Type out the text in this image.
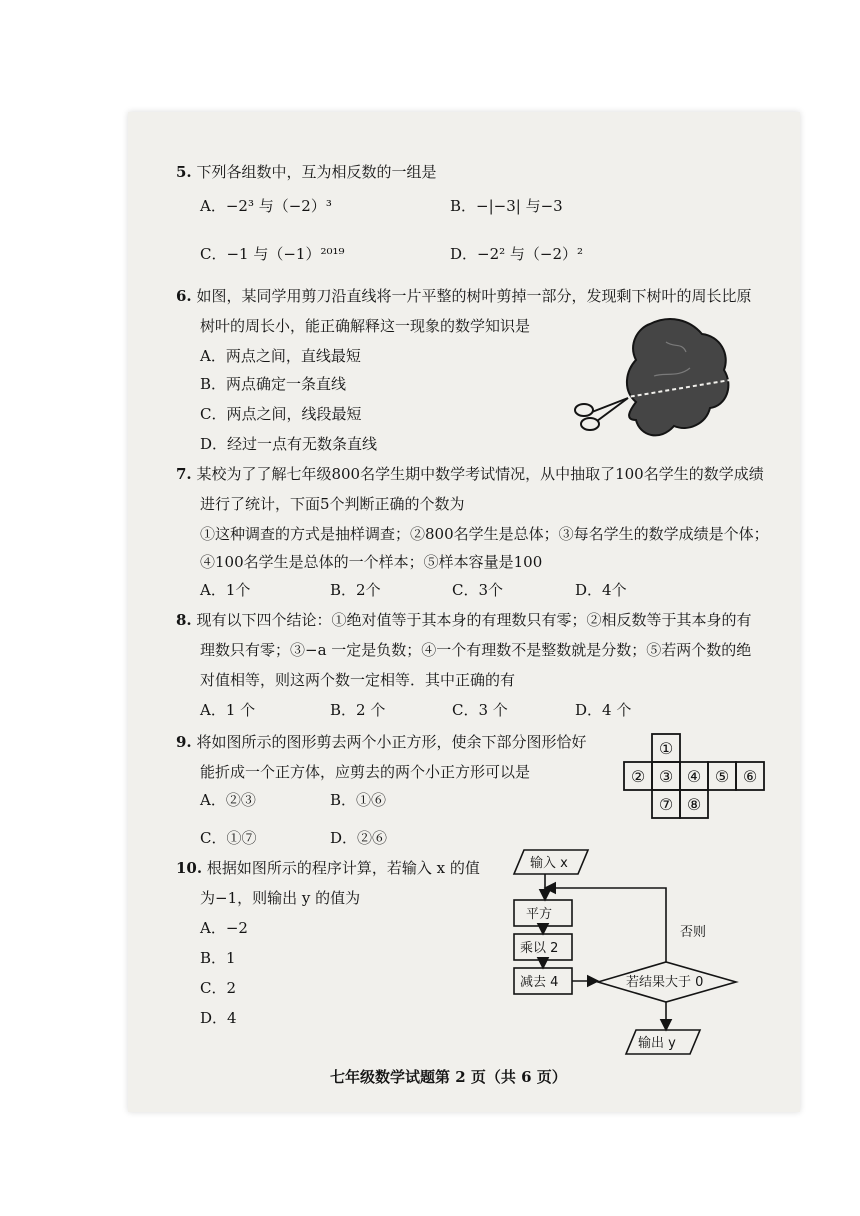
5. 下列各组数中，互为相反数的一组是
A．−2³ 与（−2）³	B．−|−3| 与−3
C．−1 与（−1）²⁰¹⁹	D．−2² 与（−2）²
6. 如图，某同学用剪刀沿直线将一片平整的树叶剪掉一部分，发现剩下树叶的周长比原
树叶的周长小，能正确解释这一现象的数学知识是
A．两点之间，直线最短
B．两点确定一条直线
C．两点之间，线段最短
D．经过一点有无数条直线
7. 某校为了了解七年级800名学生期中数学考试情况，从中抽取了100名学生的数学成绩
进行了统计，下面5个判断正确的个数为
①这种调查的方式是抽样调查；②800名学生是总体；③每名学生的数学成绩是个体；
④100名学生是总体的一个样本；⑤样本容量是100
A．1个	B．2个	C．3个	D．4个
8. 现有以下四个结论：①绝对值等于其本身的有理数只有零；②相反数等于其本身的有
理数只有零；③−a 一定是负数；④一个有理数不是整数就是分数；⑤若两个数的绝
对值相等，则这两个数一定相等．其中正确的有
A．1 个	B．2 个	C．3 个	D．4 个
9. 将如图所示的图形剪去两个小正方形，使余下部分图形恰好
能折成一个正方体，应剪去的两个小正方形可以是
A．②③	B．①⑥
C．①⑦	D．②⑥
①
② ③ ④ ⑤ ⑥
⑦ ⑧
10. 根据如图所示的程序计算，若输入 x 的值
为−1，则输出 y 的值为
A．−2
B．1
C．2
D．4
输入 x
平方
乘以 2
减去 4	若结果大于 0
否则
输出 y
七年级数学试题第 2 页（共 6 页）
